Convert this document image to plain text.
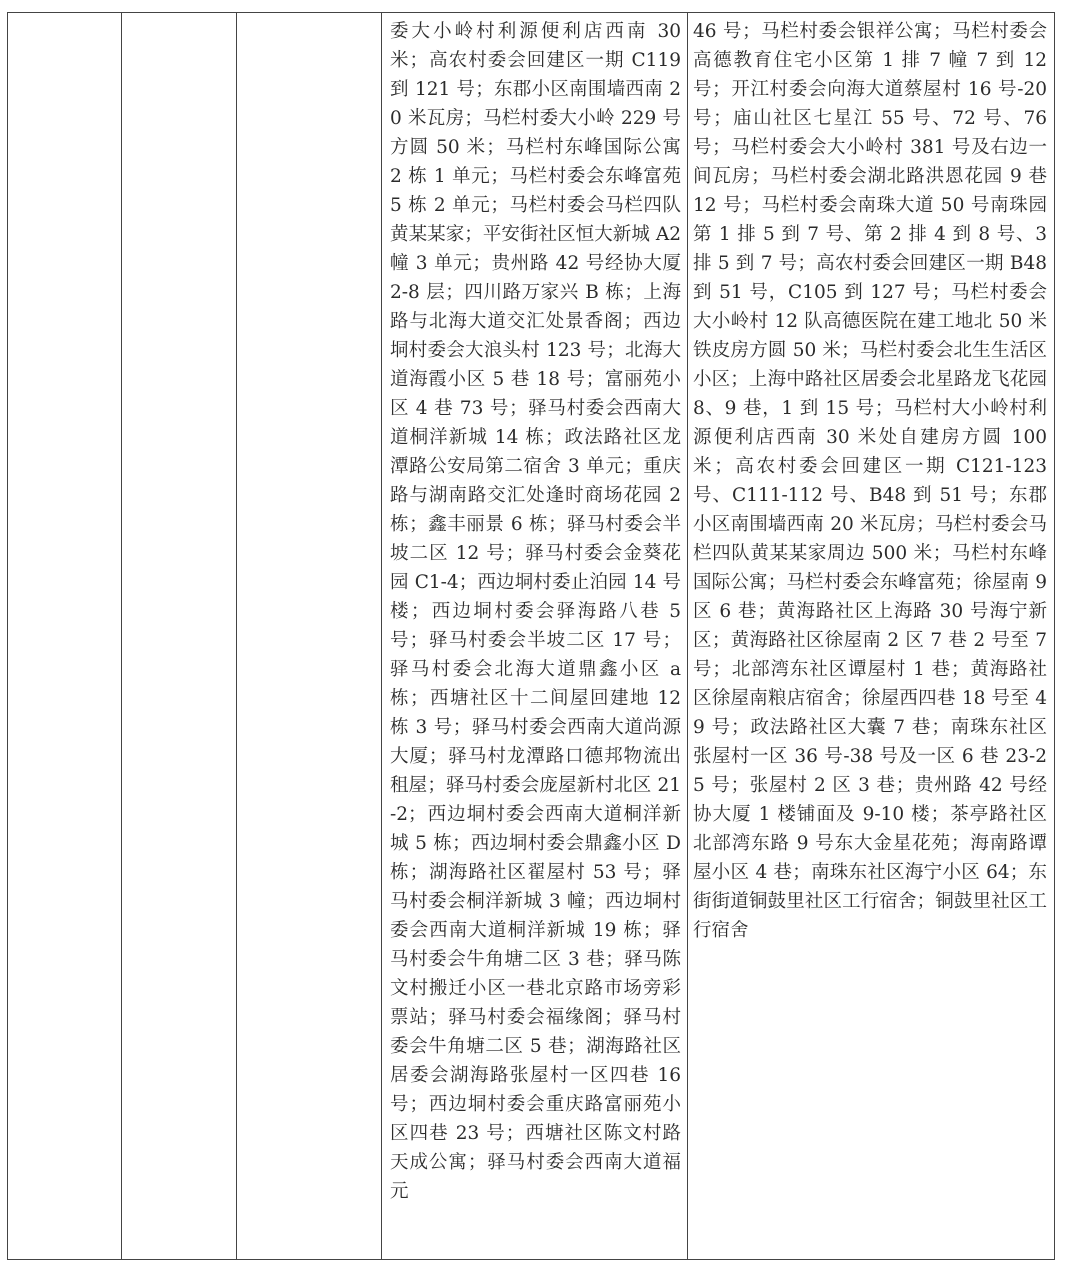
委大小岭村利源便利店西南 30 米；高农村委会回建区一期 C119 到 121 号；东郡小区南围墙西南 20 米瓦房；马栏村委大小岭 229 号方圆 50 米；马栏村东峰国际公寓 2 栋 1 单元；马栏村委会东峰富苑 5 栋 2 单元；马栏村委会马栏四队黄某某家；平安街社区恒大新城 A2 幢 3 单元；贵州路 42 号经协大厦 2-8 层；四川路万家兴 B 栋；上海路与北海大道交汇处景香阁；西边垌村委会大浪头村 123 号；北海大道海霞小区 5 巷 18 号；富丽苑小区 4 巷 73 号；驿马村委会西南大道桐洋新城 14 栋；政法路社区龙潭路公安局第二宿舍 3 单元；重庆路与湖南路交汇处逢时商场花园 2 栋；鑫丰丽景 6 栋；驿马村委会半坡二区 12 号；驿马村委会金葵花园 C1-4；西边垌村委止泊园 14 号楼；西边垌村委会驿海路八巷 5 号；驿马村委会半坡二区 17 号；驿马村委会北海大道鼎鑫小区 a 栋；西塘社区十二间屋回建地 12 栋 3 号；驿马村委会西南大道尚源大厦；驿马村龙潭路口德邦物流出租屋；驿马村委会庞屋新村北区 21-2；西边垌村委会西南大道桐洋新城 5 栋；西边垌村委会鼎鑫小区 D 栋；湖海路社区翟屋村 53 号；驿马村委会桐洋新城 3 幢；西边垌村委会西南大道桐洋新城 19 栋；驿马村委会牛角塘二区 3 巷；驿马陈文村搬迁小区一巷北京路市场旁彩票站；驿马村委会福缘阁；驿马村委会牛角塘二区 5 巷；湖海路社区居委会湖海路张屋村一区四巷 16 号；西边垌村委会重庆路富丽苑小区四巷 23 号；西塘社区陈文村路天成公寓；驿马村委会西南大道福元

46 号；马栏村委会银祥公寓；马栏村委会高德教育住宅小区第 1 排 7 幢 7 到 12 号；开江村委会向海大道蔡屋村 16 号-20 号；庙山社区七星江 55 号、72 号、76 号；马栏村委会大小岭村 381 号及右边一间瓦房；马栏村委会湖北路洪恩花园 9 巷 12 号；马栏村委会南珠大道 50 号南珠园第 1 排 5 到 7 号、第 2 排 4 到 8 号、3 排 5 到 7 号；高农村委会回建区一期 B48 到 51 号，C105 到 127 号；马栏村委会大小岭村 12 队高德医院在建工地北 50 米铁皮房方圆 50 米；马栏村委会北生生活区小区；上海中路社区居委会北星路龙飞花园 8、9 巷，1 到 15 号；马栏村大小岭村利源便利店西南 30 米处自建房方圆 100 米；高农村委会回建区一期 C121-123 号、C111-112 号、B48 到 51 号；东郡小区南围墙西南 20 米瓦房；马栏村委会马栏四队黄某某家周边 500 米；马栏村东峰国际公寓；马栏村委会东峰富苑；徐屋南 9 区 6 巷；黄海路社区上海路 30 号海宁新区；黄海路社区徐屋南 2 区 7 巷 2 号至 7 号；北部湾东社区谭屋村 1 巷；黄海路社区徐屋南粮店宿舍；徐屋西四巷 18 号至 49 号；政法路社区大囊 7 巷；南珠东社区张屋村一区 36 号-38 号及一区 6 巷 23-25 号；张屋村 2 区 3 巷；贵州路 42 号经协大厦 1 楼铺面及 9-10 楼；茶亭路社区北部湾东路 9 号东大金星花苑；海南路谭屋小区 4 巷；南珠东社区海宁小区 64；东街街道铜鼓里社区工行宿舍；铜鼓里社区工行宿舍
